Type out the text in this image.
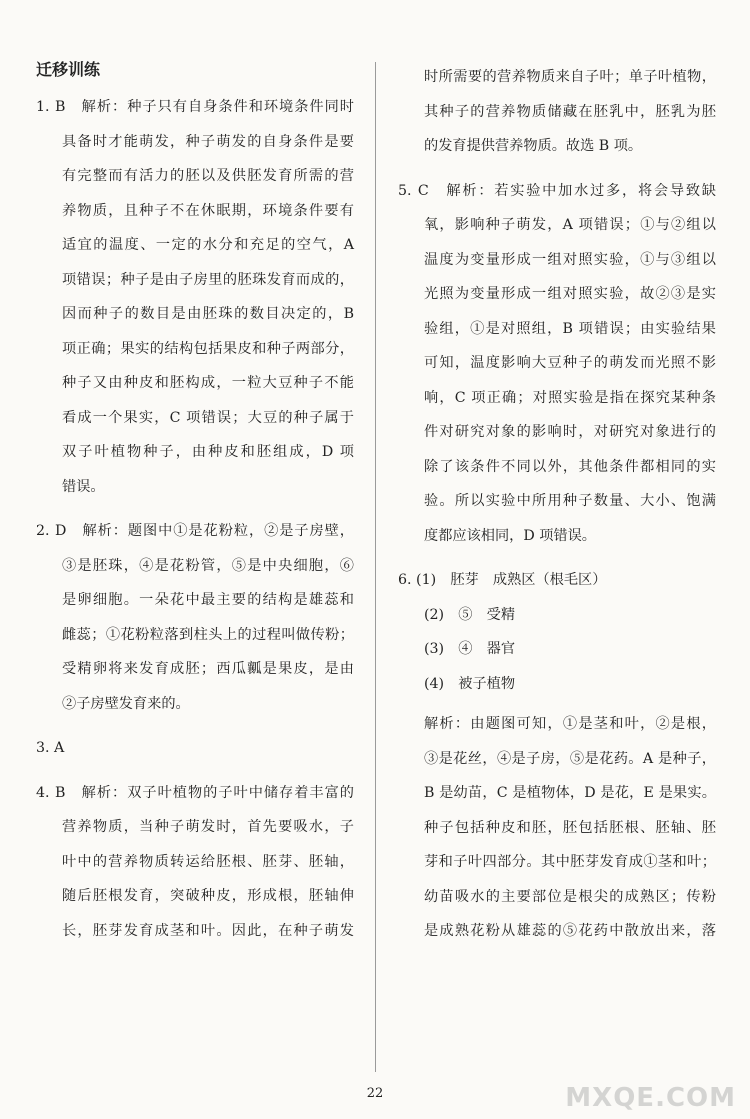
迁移训练
1. B　解析：种子只有自身条件和环境条件同时
具备时才能萌发，种子萌发的自身条件是要
有完整而有活力的胚以及供胚发育所需的营
养物质，且种子不在休眠期，环境条件要有
适宜的温度、一定的水分和充足的空气，A
项错误；种子是由子房里的胚珠发育而成的，
因而种子的数目是由胚珠的数目决定的，B
项正确；果实的结构包括果皮和种子两部分，
种子又由种皮和胚构成，一粒大豆种子不能
看成一个果实，C 项错误；大豆的种子属于
双子叶植物种子，由种皮和胚组成，D 项
错误。
2. D　解析：题图中①是花粉粒，②是子房壁，
③是胚珠，④是花粉管，⑤是中央细胞，⑥
是卵细胞。一朵花中最主要的结构是雄蕊和
雌蕊；①花粉粒落到柱头上的过程叫做传粉；
受精卵将来发育成胚；西瓜瓤是果皮，是由
②子房壁发育来的。
3. A
4. B　解析：双子叶植物的子叶中储存着丰富的
营养物质，当种子萌发时，首先要吸水，子
叶中的营养物质转运给胚根、胚芽、胚轴，
随后胚根发育，突破种皮，形成根，胚轴伸
长，胚芽发育成茎和叶。因此，在种子萌发
时所需要的营养物质来自子叶；单子叶植物，
其种子的营养物质储藏在胚乳中，胚乳为胚
的发育提供营养物质。故选 B 项。
5. C　解析：若实验中加水过多，将会导致缺
氧，影响种子萌发，A 项错误；①与②组以
温度为变量形成一组对照实验，①与③组以
光照为变量形成一组对照实验，故②③是实
验组，①是对照组，B 项错误；由实验结果
可知，温度影响大豆种子的萌发而光照不影
响，C 项正确；对照实验是指在探究某种条
件对研究对象的影响时，对研究对象进行的
除了该条件不同以外，其他条件都相同的实
验。所以实验中所用种子数量、大小、饱满
度都应该相同，D 项错误。
6. (1)　胚芽　成熟区（根毛区）
(2)　⑤　受精
(3)　④　器官
(4)　被子植物
解析：由题图可知，①是茎和叶，②是根，
③是花丝，④是子房，⑤是花药。A 是种子，
B 是幼苗，C 是植物体，D 是花，E 是果实。
种子包括种皮和胚，胚包括胚根、胚轴、胚
芽和子叶四部分。其中胚芽发育成①茎和叶；
幼苗吸水的主要部位是根尖的成熟区；传粉
是成熟花粉从雄蕊的⑤花药中散放出来，落
22	MXQE.COM
